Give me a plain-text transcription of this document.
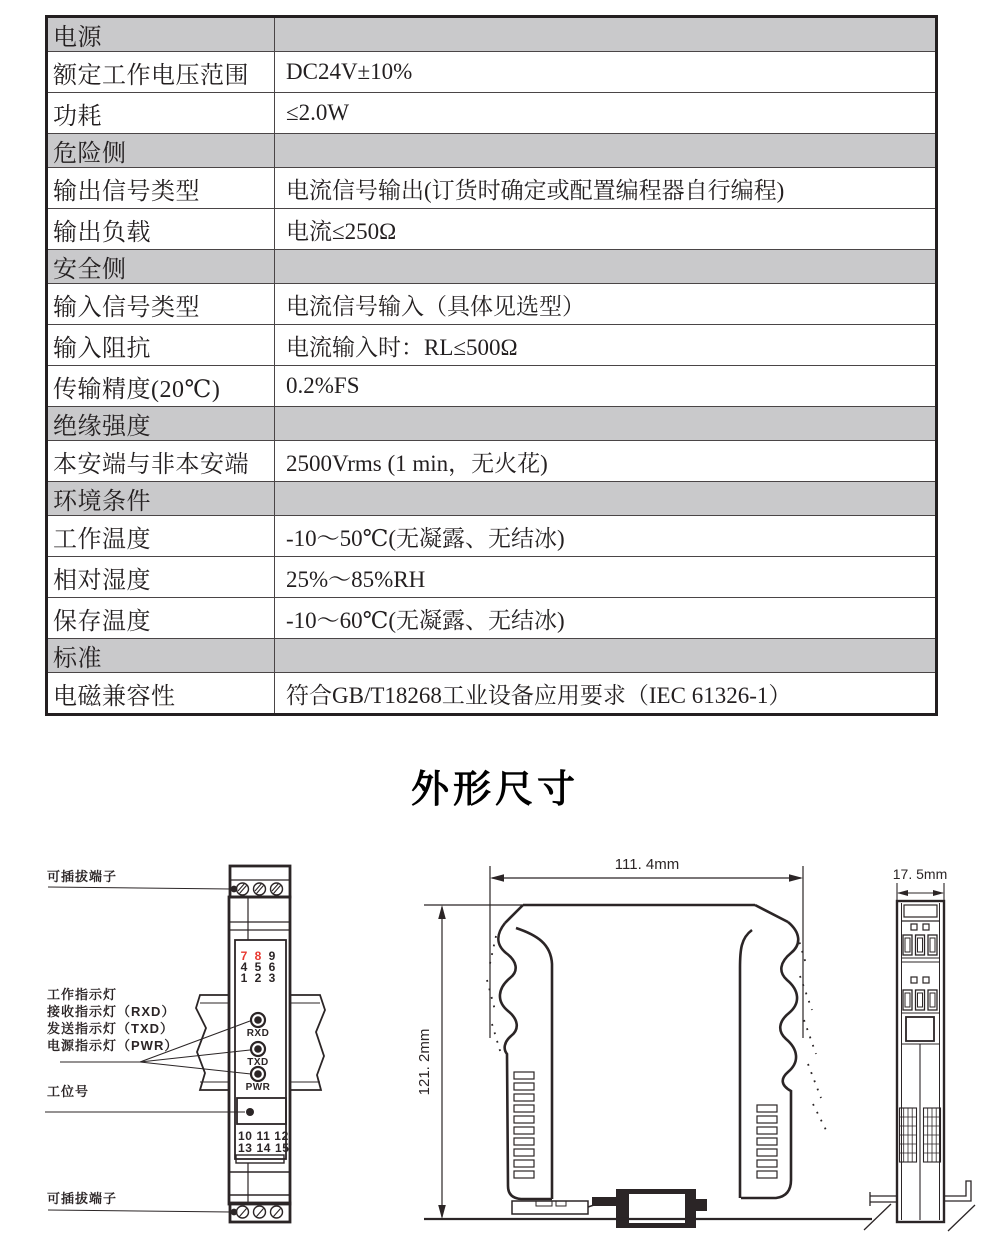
电源
额定工作电压范围 DC24V±10%
功耗	≤2.0W
危险侧
输出信号类型	电流信号输出(订货时确定或配置编程器自行编程)
输出负载	电流≤250Ω
安全侧
输入信号类型	电流信号输入（具体见选型）
输入阻抗	电流输入时：RL≤500Ω
传输精度(20℃)	0.2%FS
绝缘强度
本安端与非本安端 2500Vrms (1 min，无火花)
环境条件
工作温度	-10～50℃(无凝露、无结冰)
相对湿度	25%～85%RH
保存温度	-10～60℃(无凝露、无结冰)
标准
电磁兼容性	符合GB/T18268工业设备应用要求（IEC 61326-1）
外形尺寸
7 8 9
4 5 6
1 2 3
RXD
TXD
PWR
10 11 12
13 14 15
可插拔端子
工作指示灯
接收指示灯（RXD）
发送指示灯（TXD）
电源指示灯（PWR）
工位号
可插拔端子
111. 4mm
121. 2mm
17. 5mm
